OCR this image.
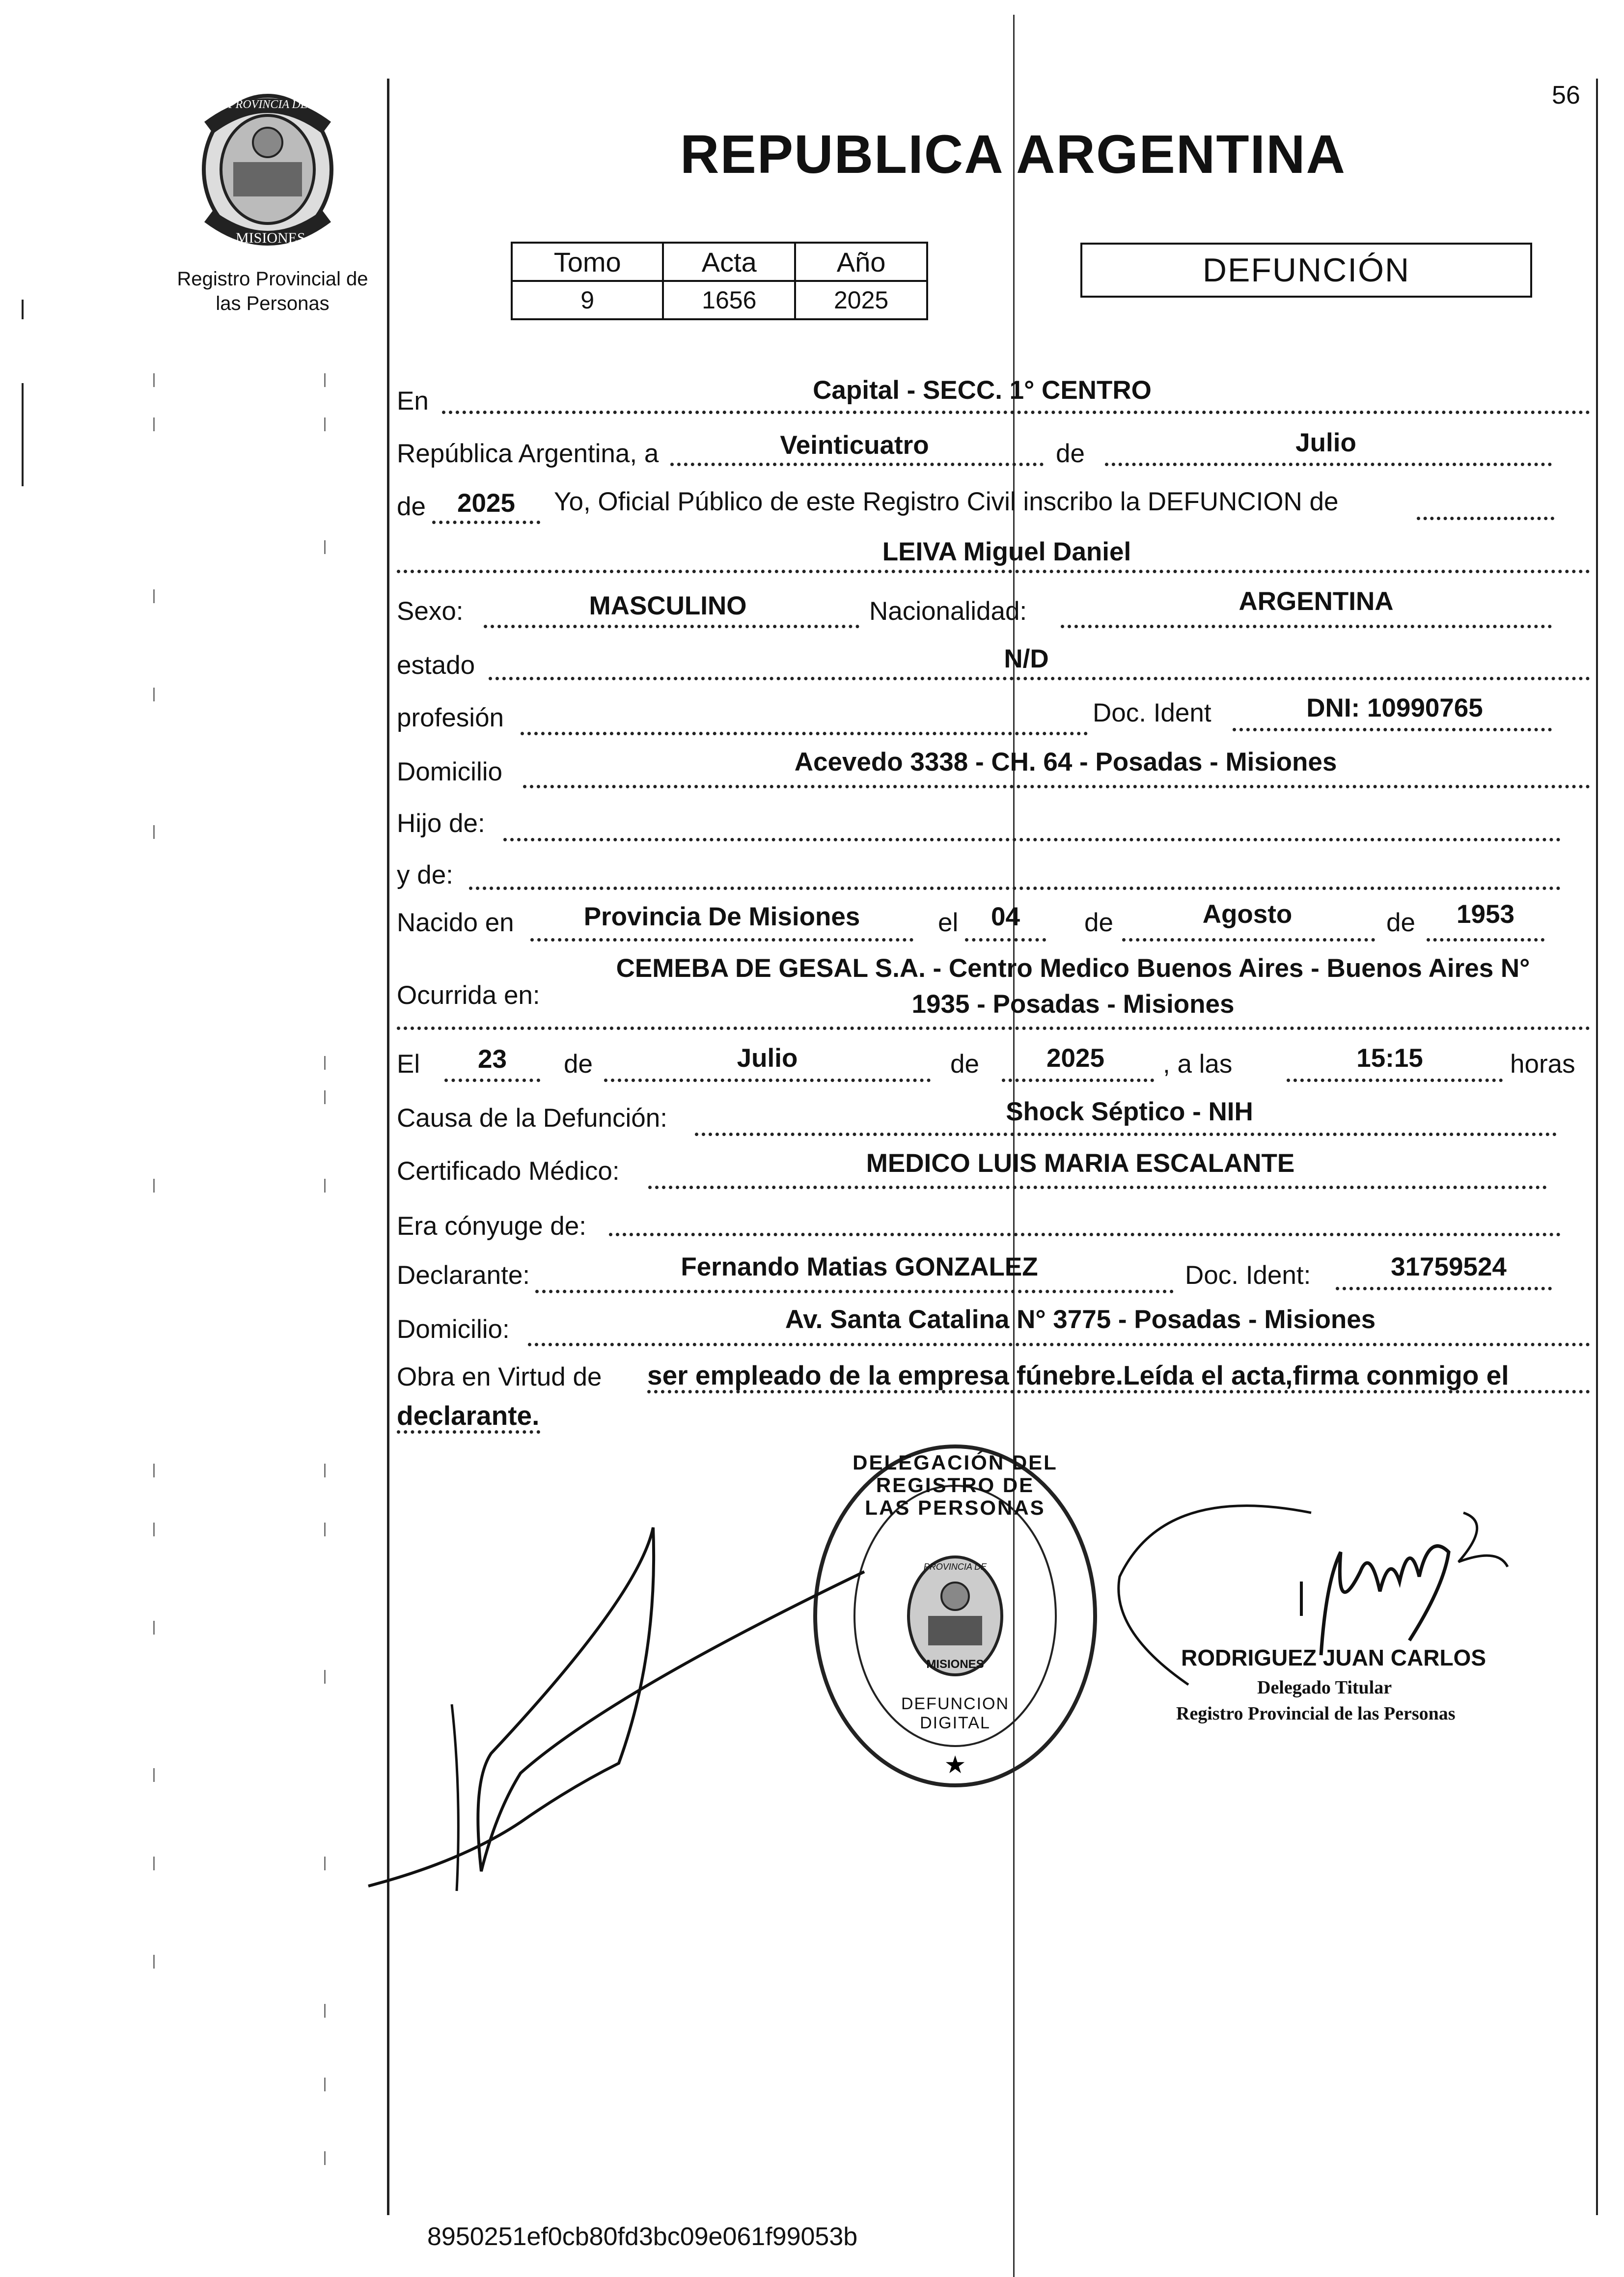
56
PROVINCIA DE
MISIONES
Registro Provincial de
las Personas
REPUBLICA ARGENTINA
Tomo	Acta	Año
9	1656	2025
DEFUNCIÓN
En	Capital - SECC. 1° CENTRO
República Argentina, a	Veinticuatro	de	Julio
de	2025	Yo, Oficial Público de este Registro Civil inscribo la DEFUNCION de
LEIVA Miguel Daniel
Sexo:	MASCULINO	Nacionalidad:	ARGENTINA
estado	N/D
profesión	Doc. Ident	DNI: 10990765
Domicilio	Acevedo 3338 - CH. 64 - Posadas - Misiones
Hijo de:
y de:
Nacido en	Provincia De Misiones	el	04	de	Agosto	de	1953
Ocurrida en:
CEMEBA DE GESAL S.A. - Centro Medico Buenos Aires - Buenos Aires N°
1935 - Posadas - Misiones
El	23	de	Julio	de	2025	, a las	15:15	horas
Causa de la Defunción:	Shock Séptico - NIH
Certificado Médico:	MEDICO LUIS MARIA ESCALANTE
Era cónyuge de:
Declarante:	Fernando Matias GONZALEZ	Doc. Ident:	31759524
Domicilio:	Av. Santa Catalina N° 3775 - Posadas - Misiones
Obra en Virtud de ser empleado de la empresa fúnebre.Leída el acta,firma conmigo el
declarante.
★
DELEGACIÓN DEL REGISTRO DE LAS PERSONAS
DEFUNCION DIGITAL
PROVINCIA DE
MISIONES	RODRIGUEZ JUAN CARLOS
Delegado Titular
Registro Provincial de las Personas
8950251ef0cb80fd3bc09e061f99053b
